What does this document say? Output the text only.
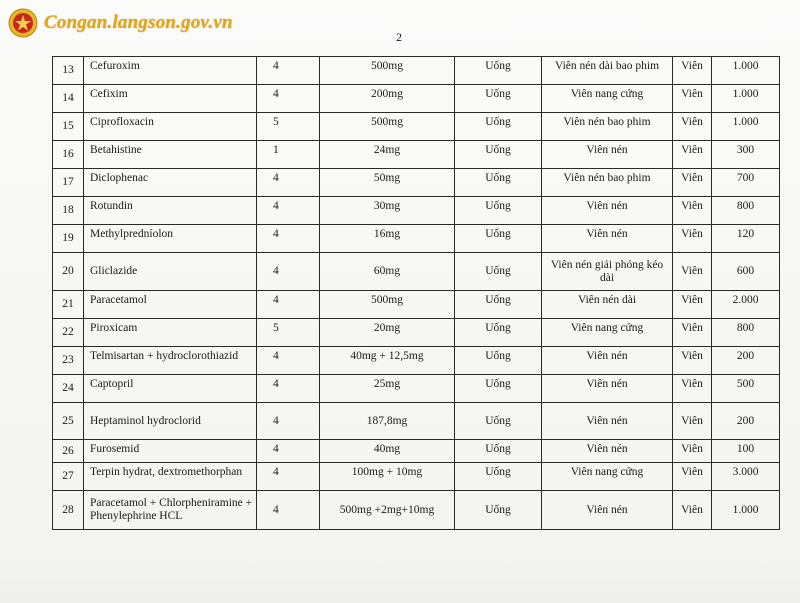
Congan.langson.gov.vn
2
13	Cefuroxim	4	500mg	Uống	Viên nén dài bao phim	Viên	1.000
14	Cefixim	4	200mg	Uống	Viên nang cứng	Viên	1.000
15	Ciprofloxacin	5	500mg	Uống	Viên nén bao phim	Viên	1.000
16	Betahistine	1	24mg	Uống	Viên nén	Viên	300
17	Diclophenac	4	50mg	Uống	Viên nén bao phim	Viên	700
18	Rotundin	4	30mg	Uống	Viên nén	Viên	800
19	Methylpredníolon	4	16mg	Uống	Viên nén	Viên	120
20	Gliclazide	4	60mg	Uống	Viên nén giải phóng kéo dài	Viên	600
21	Paracetamol	4	500mg	Uống	Viên nén dài	Viên	2.000
22	Piroxicam	5	20mg	Uống	Viên nang cứng	Viên	800
23	Telmisartan + hydroclorothiazid	4	40mg + 12,5mg	Uống	Viên nén	Viên	200
24	Captopril	4	25mg	Uống	Viên nén	Viên	500
25	Heptaminol hydroclorid	4	187,8mg	Uống	Viên nén	Viên	200
26	Furosemid	4	40mg	Uống	Viên nén	Viên	100
27	Terpin hydrat, dextromethorphan	4	100mg + 10mg	Uống	Viên nang cứng	Viên	3.000
28	Paracetamol + Chlorpheniramine + Phenylephrine HCL	4	500mg +2mg+10mg	Uống	Viên nén	Viên	1.000
